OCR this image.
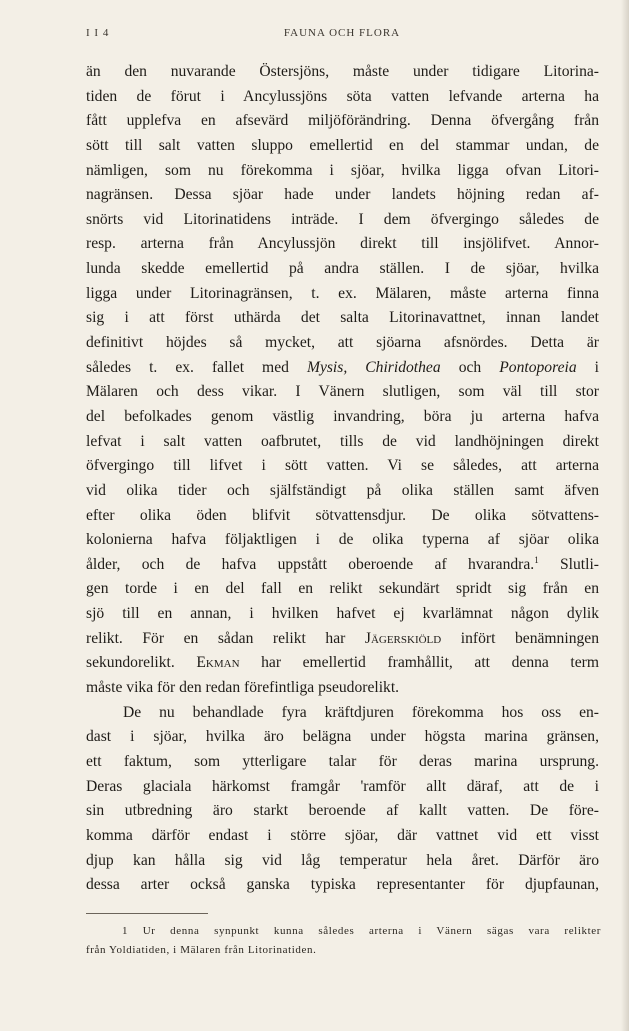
I I 4	FAUNA OCH FLORA
än den nuvarande Östersjöns, måste under tidigare Litorina-
tiden de förut i Ancylussjöns söta vatten lefvande arterna ha
fått upplefva en afsevärd miljöförändring. Denna öfvergång från
sött till salt vatten sluppo emellertid en del stammar undan, de
nämligen, som nu förekomma i sjöar, hvilka ligga ofvan Litori-
nagränsen. Dessa sjöar hade under landets höjning redan af-
snörts vid Litorinatidens inträde. I dem öfvergingo således de
resp. arterna från Ancylussjön direkt till insjölifvet. Annor-
lunda skedde emellertid på andra ställen. I de sjöar, hvilka
ligga under Litorinagränsen, t. ex. Mälaren, måste arterna finna
sig i att först uthärda det salta Litorinavattnet, innan landet
definitivt höjdes så mycket, att sjöarna afsnördes. Detta är
således t. ex. fallet med Mysis, Chiridothea och Pontoporeia i
Mälaren och dess vikar. I Vänern slutligen, som väl till stor
del befolkades genom västlig invandring, böra ju arterna hafva
lefvat i salt vatten oafbrutet, tills de vid landhöjningen direkt
öfvergingo till lifvet i sött vatten. Vi se således, att arterna
vid olika tider och själfständigt på olika ställen samt äfven
efter olika öden blifvit sötvattensdjur. De olika sötvattens-
kolonierna hafva följaktligen i de olika typerna af sjöar olika
ålder, och de hafva uppstått oberoende af hvarandra.$^1$ Slutli-
gen torde i en del fall en relikt sekundärt spridt sig från en
sjö till en annan, i hvilken hafvet ej kvarlämnat någon dylik
relikt. För en sådan relikt har Jägerskiöld infört benämningen
sekundorelikt. Ekman har emellertid framhållit, att denna term
måste vika för den redan förefintliga pseudorelikt.
De nu behandlade fyra kräftdjuren förekomma hos oss en-
dast i sjöar, hvilka äro belägna under högsta marina gränsen,
ett faktum, som ytterligare talar för deras marina ursprung.
Deras glaciala härkomst framgår 'ramför allt däraf, att de i
sin utbredning äro starkt beroende af kallt vatten. De före-
komma därför endast i större sjöar, där vattnet vid ett visst
djup kan hålla sig vid låg temperatur hela året. Därför äro
dessa arter också ganska typiska representanter för djupfaunan,
1 Ur denna synpunkt kunna således arterna i Vänern sägas vara relikter
från Yoldiatiden, i Mälaren från Litorinatiden.
